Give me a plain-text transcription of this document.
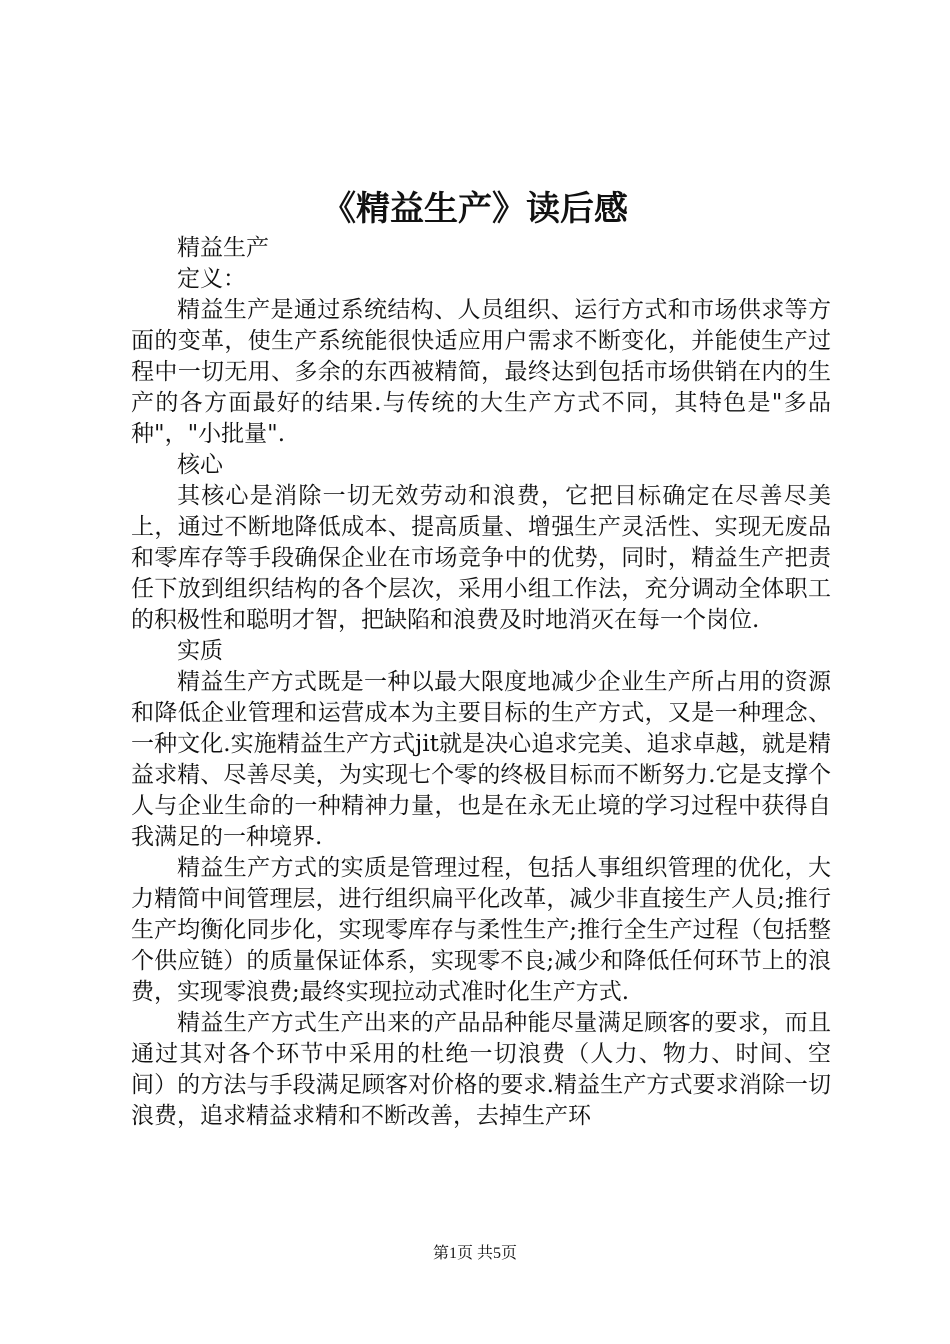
《精益生产》读后感

精益生产

定义：

精益生产是通过系统结构、人员组织、运行方式和市场供求等方面的变革，使生产系统能很快适应用户需求不断变化，并能使生产过程中一切无用、多余的东西被精简，最终达到包括市场供销在内的生产的各方面最好的结果.与传统的大生产方式不同，其特色是"多品种"，"小批量".

核心

其核心是消除一切无效劳动和浪费，它把目标确定在尽善尽美上，通过不断地降低成本、提高质量、增强生产灵活性、实现无废品和零库存等手段确保企业在市场竞争中的优势，同时，精益生产把责任下放到组织结构的各个层次，采用小组工作法，充分调动全体职工的积极性和聪明才智，把缺陷和浪费及时地消灭在每一个岗位.

实质

精益生产方式既是一种以最大限度地减少企业生产所占用的资源和降低企业管理和运营成本为主要目标的生产方式，又是一种理念、一种文化.实施精益生产方式jit就是决心追求完美、追求卓越，就是精益求精、尽善尽美，为实现七个零的终极目标而不断努力.它是支撑个人与企业生命的一种精神力量，也是在永无止境的学习过程中获得自我满足的一种境界.

精益生产方式的实质是管理过程，包括人事组织管理的优化，大力精简中间管理层，进行组织扁平化改革，减少非直接生产人员;推行生产均衡化同步化，实现零库存与柔性生产;推行全生产过程（包括整个供应链）的质量保证体系，实现零不良;减少和降低任何环节上的浪费，实现零浪费;最终实现拉动式准时化生产方式.

精益生产方式生产出来的产品品种能尽量满足顾客的要求，而且通过其对各个环节中采用的杜绝一切浪费（人力、物力、时间、空间）的方法与手段满足顾客对价格的要求.精益生产方式要求消除一切浪费，追求精益求精和不断改善，去掉生产环

第1页 共5页
